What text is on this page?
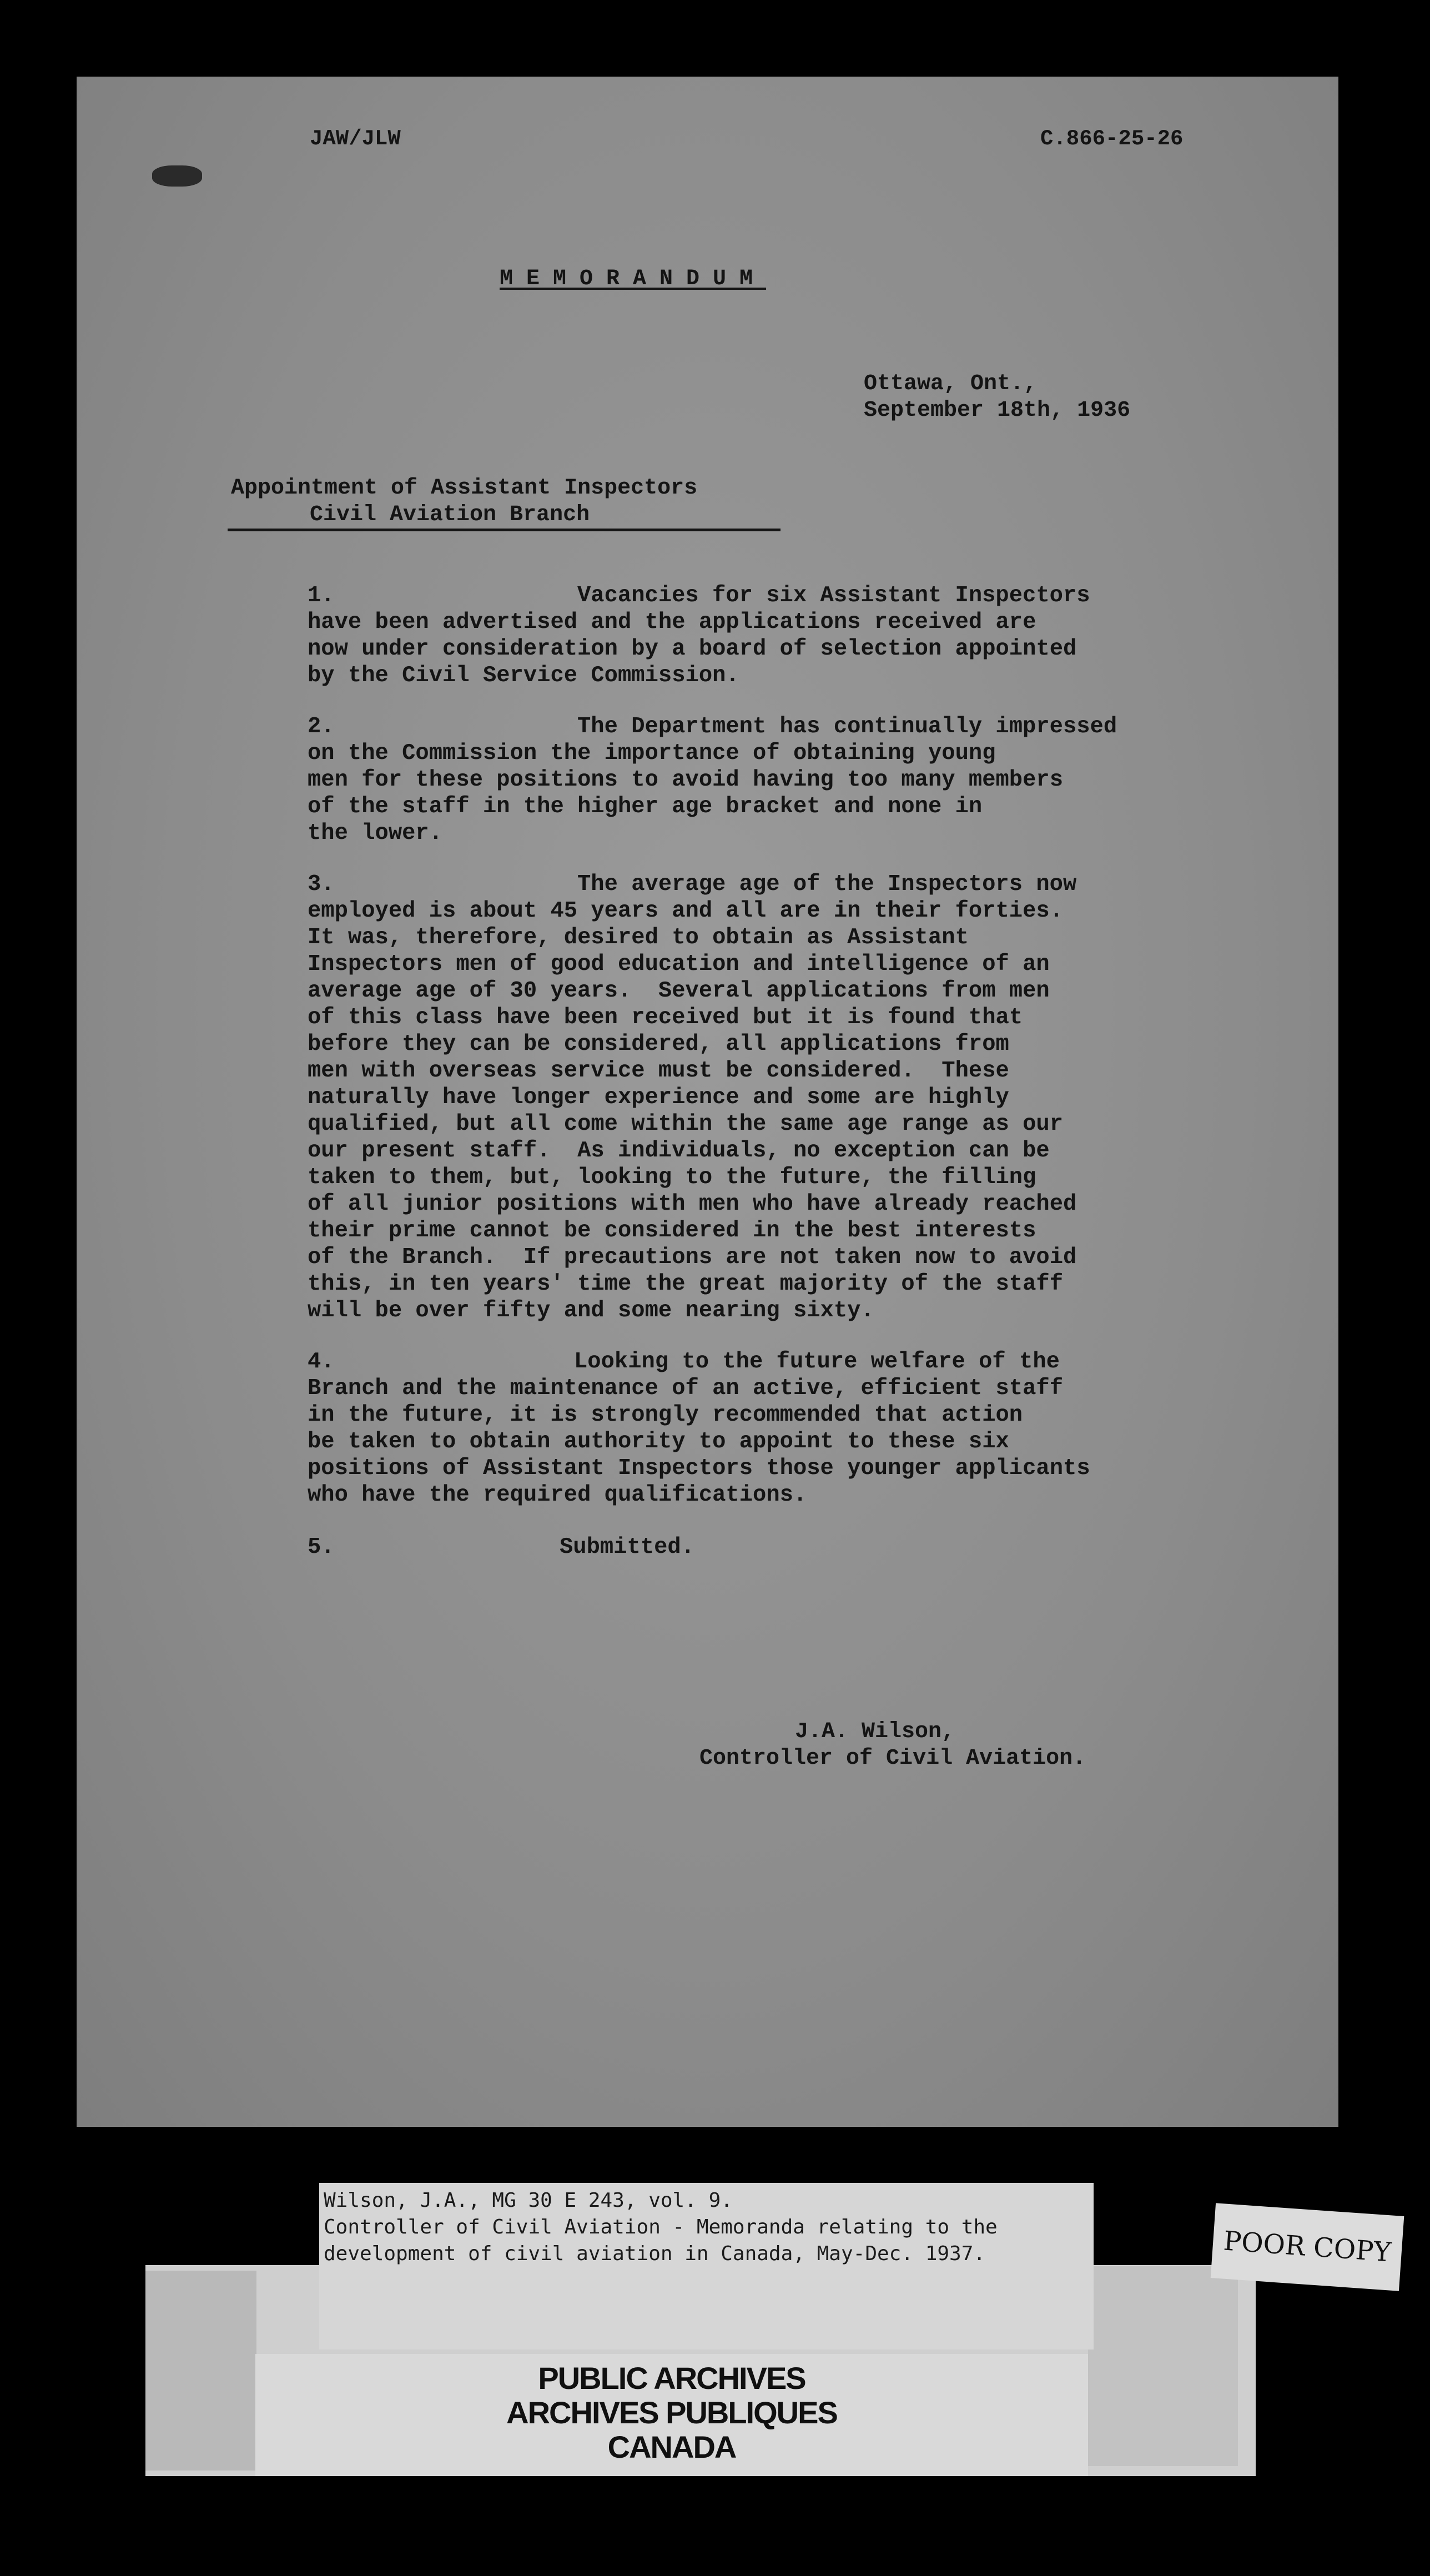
JAW/JLW	C.866-25-26
MEMORANDUM
Ottawa, Ont.,
September 18th, 1936
Appointment of Assistant Inspectors
Civil Aviation Branch
1.	Vacancies for six Assistant Inspectors
have been advertised and the applications received are
now under consideration by a board of selection appointed
by the Civil Service Commission.
2.	The Department has continually impressed
on the Commission the importance of obtaining young
men for these positions to avoid having too many members
of the staff in the higher age bracket and none in
the lower.
3.	The average age of the Inspectors now
employed is about 45 years and all are in their forties.
It was, therefore, desired to obtain as Assistant
Inspectors men of good education and intelligence of an
average age of 30 years.  Several applications from men
of this class have been received but it is found that
before they can be considered, all applications from
men with overseas service must be considered.  These
naturally have longer experience and some are highly
qualified, but all come within the same age range as our
our present staff.  As individuals, no exception can be
taken to them, but, looking to the future, the filling
of all junior positions with men who have already reached
their prime cannot be considered in the best interests
of the Branch.  If precautions are not taken now to avoid
this, in ten years' time the great majority of the staff
will be over fifty and some nearing sixty.
4.	Looking to the future welfare of the
Branch and the maintenance of an active, efficient staff
in the future, it is strongly recommended that action
be taken to obtain authority to appoint to these six
positions of Assistant Inspectors those younger applicants
who have the required qualifications.
5.	Submitted.
J.A. Wilson,
Controller of Civil Aviation.
Wilson, J.A., MG 30 E 243, vol. 9.
Controller of Civil Aviation - Memoranda relating to the
development of civil aviation in Canada, May-Dec. 1937.
PUBLIC ARCHIVES
ARCHIVES PUBLIQUES
CANADA
POOR COPY
